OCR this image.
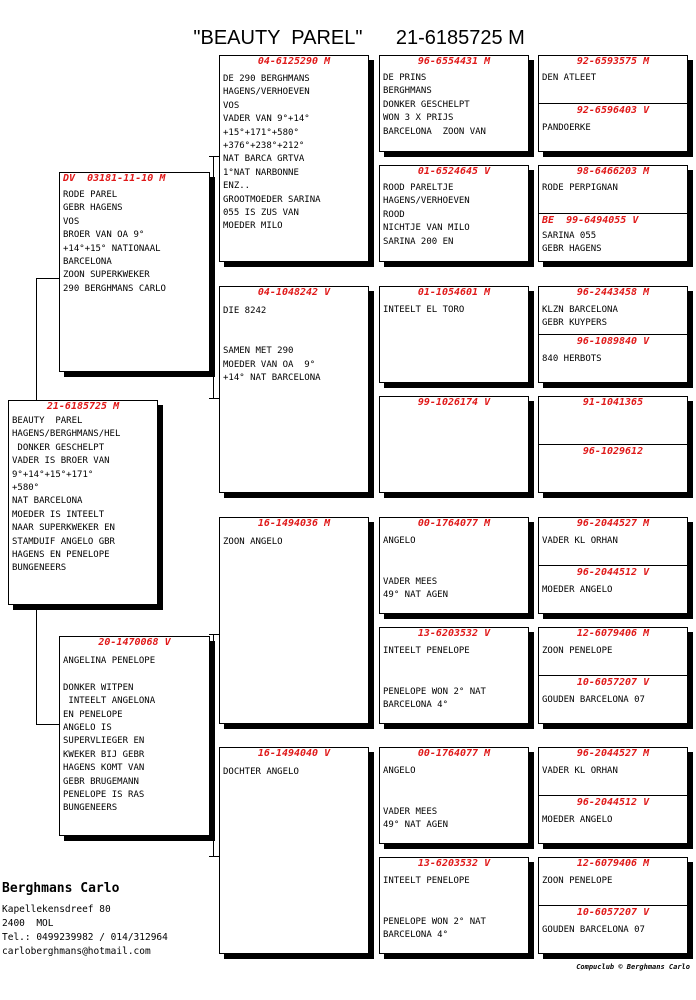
"BEAUTY  PAREL" 21-6185725 M

21-6185725 M
BEAUTY  PAREL
HAGENS/BERGHMANS/HEL
DONKER GESCHELPT
VADER IS BROER VAN
9°+14°+15°+171°
+580°
NAT BARCELONA
MOEDER IS INTEELT
NAAR SUPERKWEKER EN
STAMDUIF ANGELO GBR
HAGENS EN PENELOPE
BUNGENEERS
DV  03181-11-10 M
RODE PAREL
GEBR HAGENS
VOS
BROER VAN OA 9°
+14°+15° NATIONAAL
BARCELONA
ZOON SUPERKWEKER
290 BERGHMANS CARLO
20-1470068 V
ANGELINA PENELOPE

DONKER WITPEN
INTEELT ANGELONA
EN PENELOPE
ANGELO IS
SUPERVLIEGER EN
KWEKER BIJ GEBR
HAGENS KOMT VAN
GEBR BRUGEMANN
PENELOPE IS RAS
BUNGENEERS
04-6125290 M
DE 290 BERGHMANS
HAGENS/VERHOEVEN
VOS
VADER VAN 9°+14°
+15°+171°+580°
+376°+238°+212°
NAT BARCA GRTVA
1°NAT NARBONNE
ENZ..
GROOTMOEDER SARINA
055 IS ZUS VAN
MOEDER MILO
04-1048242 V
DIE 8242

SAMEN MET 290
MOEDER VAN OA  9°
+14° NAT BARCELONA
16-1494036 M
ZOON ANGELO
16-1494040 V
DOCHTER ANGELO
96-6554431 M
DE PRINS
BERGHMANS
DONKER GESCHELPT
WON 3 X PRIJS
BARCELONA  ZOON VAN
01-6524645 V
ROOD PARELTJE
HAGENS/VERHOEVEN
ROOD
NICHTJE VAN MILO
SARINA 200 EN
01-1054601 M
INTEELT EL TORO
99-1026174 V
00-1764077 M
ANGELO
VADER MEES
49° NAT AGEN
13-6203532 V
INTEELT PENELOPE
PENELOPE WON 2° NAT
BARCELONA 4°
00-1764077 M
ANGELO
VADER MEES
49° NAT AGEN
13-6203532 V
INTEELT PENELOPE
PENELOPE WON 2° NAT
BARCELONA 4°
92-6593575 M
DEN ATLEET
92-6596403 V
PANDOERKE
98-6466203 M
RODE PERPIGNAN
BE 99-6494055 V
SARINA 055
GEBR HAGENS
96-2443458 M
KLZN BARCELONA
GEBR KUYPERS
96-1089840 V
840 HERBOTS
91-1041365
96-1029612
96-2044527 M
VADER KL ORHAN
96-2044512 V
MOEDER ANGELO
12-6079406 M
ZOON PENELOPE
10-6057207 V
GOUDEN BARCELONA 07
96-2044527 M
VADER KL ORHAN
96-2044512 V
MOEDER ANGELO
12-6079406 M
ZOON PENELOPE
10-6057207 V
GOUDEN BARCELONA 07
Berghmans Carlo
Kapellekensdreef 80
2400  MOL
Tel.: 0499239982 / 014/312964
carloberghmans@hotmail.com
Compuclub © Berghmans Carlo
